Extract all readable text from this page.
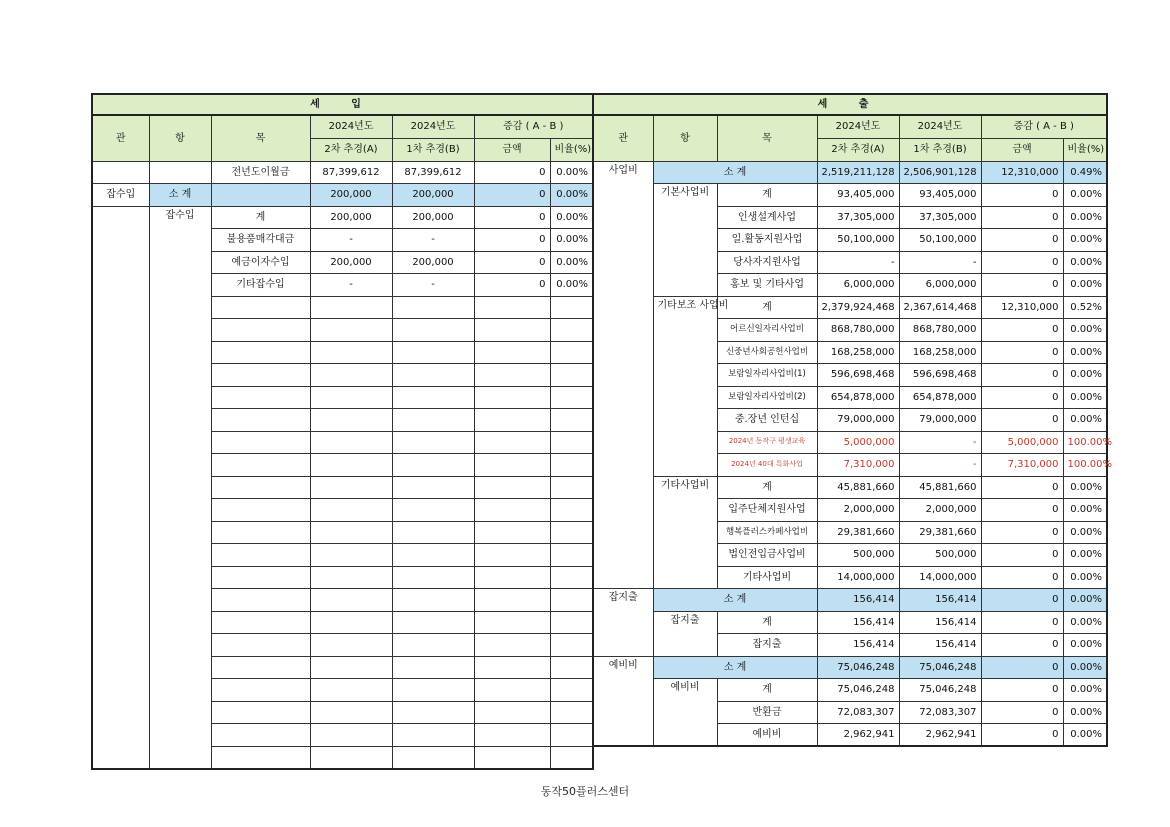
세 입						
관	항	목	2024년도	2024년도	증감 ( A - B )	
			2차 추경(A)	1차 추경(B)	금액	비율(%)
		전년도이월금	87,399,612	87,399,612	0	0.00%
잡수입	소 계		200,000	200,000	0	0.00%
	잡수입	계	200,000	200,000	0	0.00%
		불용품매각대금	-	-	0	0.00%
		예금이자수입	200,000	200,000	0	0.00%
		기타잡수입	-	-	0	0.00%

세 출						
관	항	목	2024년도	2024년도	증감 ( A - B )	
			2차 추경(A)	1차 추경(B)	금액	비율(%)
사업비	소 계		2,519,211,128	2,506,901,128	12,310,000	0.49%
	기본사업비	계	93,405,000	93,405,000	0	0.00%
		인생설계사업	37,305,000	37,305,000	0	0.00%
		일.활동지원사업	50,100,000	50,100,000	0	0.00%
		당사자지원사업	-	-	0	0.00%
		홍보 및 기타사업	6,000,000	6,000,000	0	0.00%
	기타보조 사업비	계	2,379,924,468	2,367,614,468	12,310,000	0.52%
		어르신일자리사업비	868,780,000	868,780,000	0	0.00%
		신중년사회공헌사업비	168,258,000	168,258,000	0	0.00%
		보람일자리사업비(1)	596,698,468	596,698,468	0	0.00%
		보람일자리사업비(2)	654,878,000	654,878,000	0	0.00%
		중.장년 인턴십	79,000,000	79,000,000	0	0.00%
		2024년 동작구 평생교육	5,000,000	-	5,000,000	100.00%
		2024년 40대 특화사업	7,310,000	-	7,310,000	100.00%
	기타사업비	계	45,881,660	45,881,660	0	0.00%
		입주단체지원사업	2,000,000	2,000,000	0	0.00%
		행복플러스카페사업비	29,381,660	29,381,660	0	0.00%
		법인전입금사업비	500,000	500,000	0	0.00%
		기타사업비	14,000,000	14,000,000	0	0.00%
잡지출	소 계		156,414	156,414	0	0.00%
	잡지출	계	156,414	156,414	0	0.00%
		잡지출	156,414	156,414	0	0.00%
예비비	소 계		75,046,248	75,046,248	0	0.00%
	예비비	계	75,046,248	75,046,248	0	0.00%
		반환금	72,083,307	72,083,307	0	0.00%
		예비비	2,962,941	2,962,941	0	0.00%
동작50플러스센터
